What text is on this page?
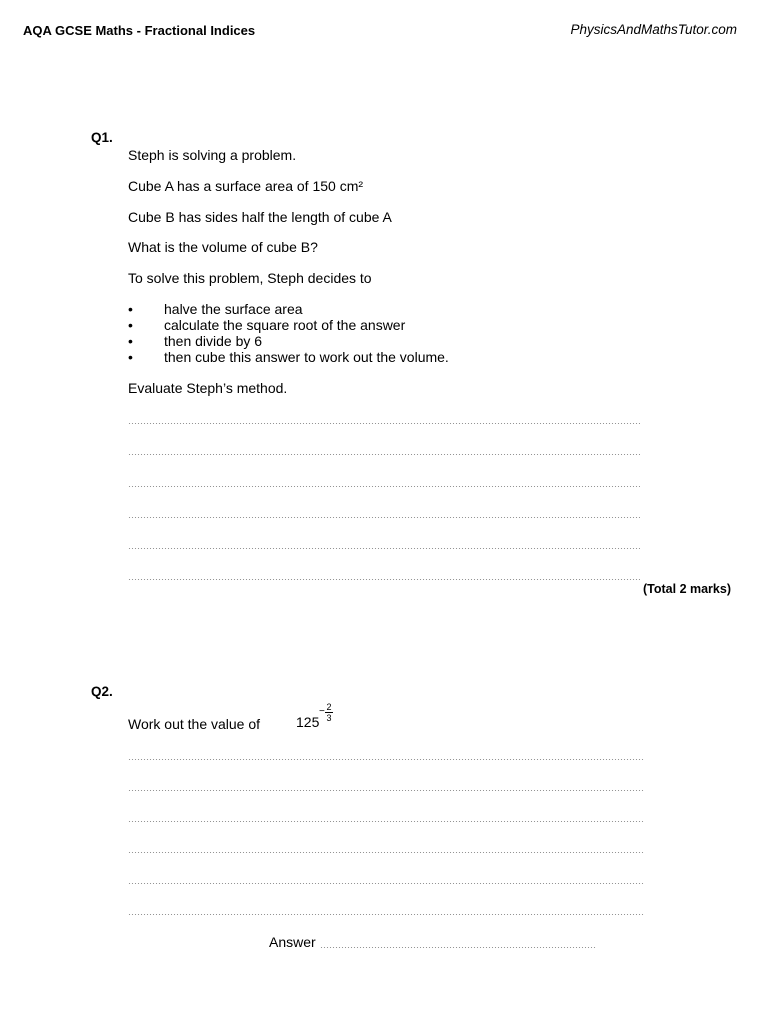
AQA GCSE Maths - Fractional Indices	PhysicsAndMathsTutor.com
Q1.
Steph is solving a problem.
Cube A has a surface area of 150 cm²
Cube B has sides half the length of cube A
What is the volume of cube B?
To solve this problem, Steph decides to
• halve the surface area
• calculate the square root of the answer
• then divide by 6
• then cube this answer to work out the volume.
Evaluate Steph’s method.
(Total 2 marks)
Q2.
Work out the value of	125
− 2
3
Answer
